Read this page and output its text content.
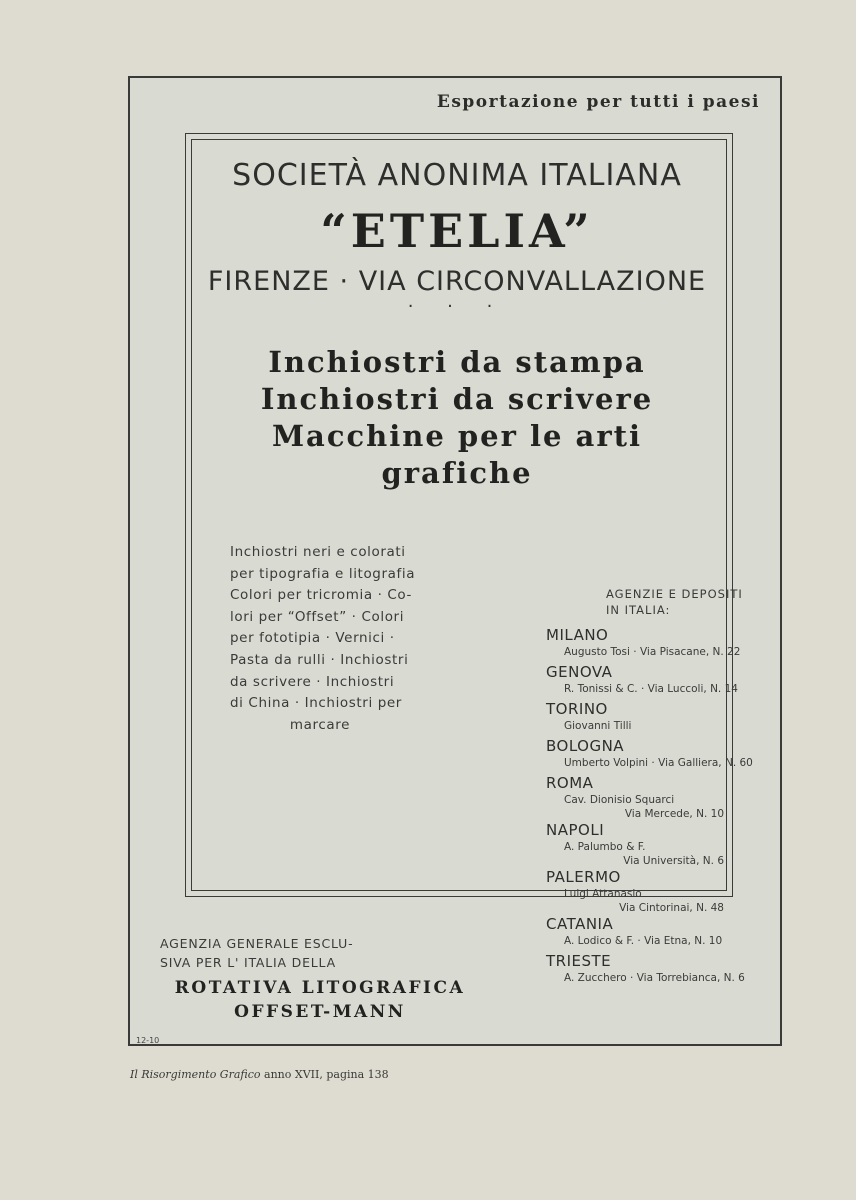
Esportazione per tutti i paesi
SOCIETÀ ANONIMA ITALIANA
“ETELIA”
FIRENZE · VIA CIRCONVALLAZIONE
· · ·
Inchiostri da stampa
Inchiostri da scrivere
Macchine per le arti
grafiche
Inchiostri neri e colorati
per tipografia e litografia
Colori per tricromia · Co-
lori per “Offset” · Colori
per fototipia · Vernici ·
Pasta da rulli · Inchiostri
da scrivere · Inchiostri
di China · Inchiostri per
marcare
AGENZIE E DEPOSITI
IN ITALIA:
MILANO
Augusto Tosi · Via Pisacane, N. 22
GENOVA
R. Tonissi & C. · Via Luccoli, N. 14
TORINO
Giovanni Tilli
BOLOGNA
Umberto Volpini · Via Galliera, N. 60
ROMA
Cav. Dionisio Squarci
Via Mercede, N. 10
NAPOLI
A. Palumbo & F.
Via Università, N. 6
PALERMO
Luigi Attanasio
Via Cintorinai, N. 48
CATANIA
A. Lodico & F. · Via Etna, N. 10
TRIESTE
A. Zucchero · Via Torrebianca, N. 6
AGENZIA GENERALE ESCLU-
SIVA PER L' ITALIA DELLA
ROTATIVA LITOGRAFICA
OFFSET-MANN
12-10
Il Risorgimento Grafico anno XVII, pagina 138
